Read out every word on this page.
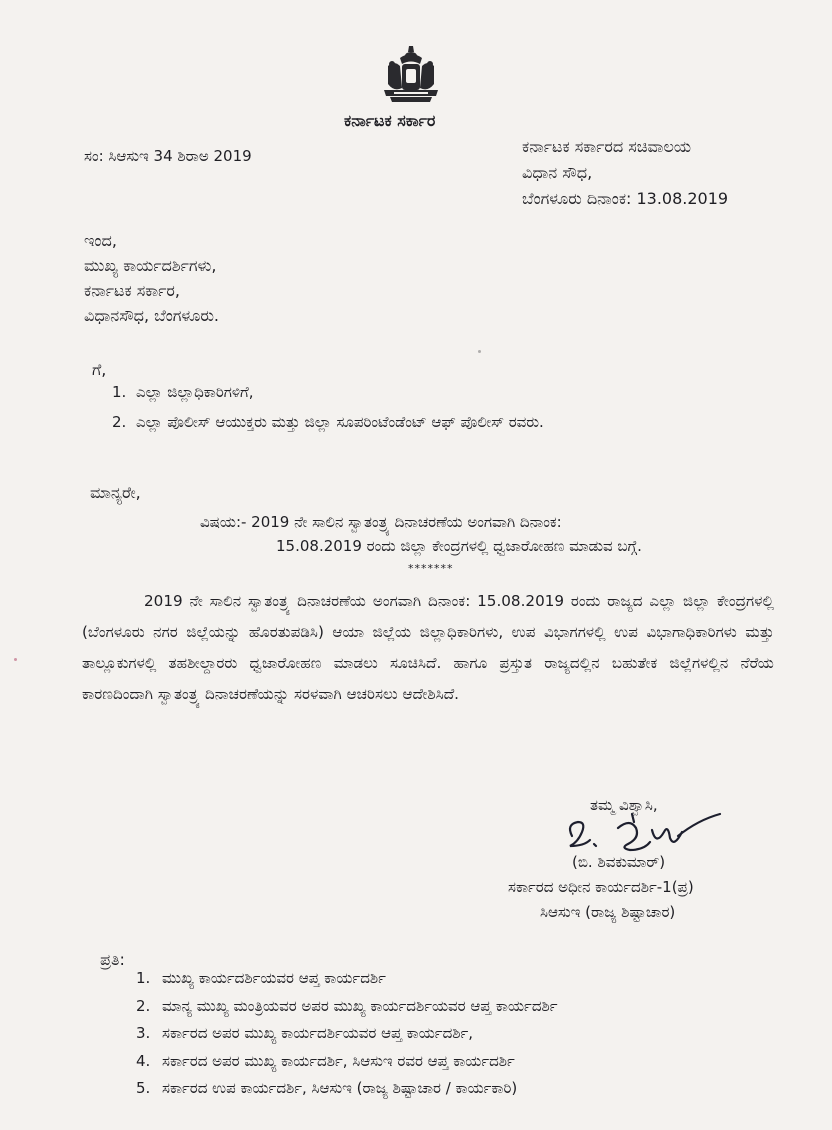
ಕರ್ನಾಟಕ ಸರ್ಕಾರ
ಸಂ: ಸಿಆಸುಇ 34 ಶಿರಾಅ 2019	ಕರ್ನಾಟಕ ಸರ್ಕಾರದ ಸಚಿವಾಲಯ
ವಿಧಾನ ಸೌಧ,
ಬೆಂಗಳೂರು ದಿನಾಂಕ: 13.08.2019
ಇಂದ,
ಮುಖ್ಯ ಕಾರ್ಯದರ್ಶಿಗಳು,
ಕರ್ನಾಟಕ ಸರ್ಕಾರ,
ವಿಧಾನಸೌಧ, ಬೆಂಗಳೂರು.
ಗೆ,
1. ಎಲ್ಲಾ ಜಿಲ್ಲಾಧಿಕಾರಿಗಳಿಗೆ,
2. ಎಲ್ಲಾ ಪೊಲೀಸ್ ಆಯುಕ್ತರು ಮತ್ತು ಜಿಲ್ಲಾ ಸೂಪರಿಂಟೆಂಡೆಂಟ್ ಆಫ್ ಪೊಲೀಸ್ ರವರು.
ಮಾನ್ಯರೇ,
ವಿಷಯ:- 2019 ನೇ ಸಾಲಿನ ಸ್ವಾತಂತ್ರ್ಯ ದಿನಾಚರಣೆಯ ಅಂಗವಾಗಿ ದಿನಾಂಕ:
15.08.2019 ರಂದು ಜಿಲ್ಲಾ ಕೇಂದ್ರಗಳಲ್ಲಿ ಧ್ವಜಾರೋಹಣ ಮಾಡುವ ಬಗ್ಗೆ.
*******
2019 ನೇ ಸಾಲಿನ ಸ್ವಾತಂತ್ರ್ಯ ದಿನಾಚರಣೆಯ ಅಂಗವಾಗಿ ದಿನಾಂಕ: 15.08.2019 ರಂದು ರಾಜ್ಯದ ಎಲ್ಲಾ ಜಿಲ್ಲಾ ಕೇಂದ್ರಗಳಲ್ಲಿ (ಬೆಂಗಳೂರು ನಗರ ಜಿಲ್ಲೆಯನ್ನು ಹೊರತುಪಡಿಸಿ) ಆಯಾ ಜಿಲ್ಲೆಯ ಜಿಲ್ಲಾಧಿಕಾರಿಗಳು, ಉಪ ವಿಭಾಗಗಳಲ್ಲಿ ಉಪ ವಿಭಾಗಾಧಿಕಾರಿಗಳು ಮತ್ತು ತಾಲ್ಲೂಕುಗಳಲ್ಲಿ ತಹಶೀಲ್ದಾರರು ಧ್ವಜಾರೋಹಣ ಮಾಡಲು ಸೂಚಿಸಿದೆ. ಹಾಗೂ ಪ್ರಸ್ತುತ ರಾಜ್ಯದಲ್ಲಿನ ಬಹುತೇಕ ಜಿಲ್ಲೆಗಳಲ್ಲಿನ ನೆರೆಯ ಕಾರಣದಿಂದಾಗಿ ಸ್ವಾತಂತ್ರ್ಯ ದಿನಾಚರಣೆಯನ್ನು ಸರಳವಾಗಿ ಆಚರಿಸಲು ಆದೇಶಿಸಿದೆ.
ತಮ್ಮ ವಿಶ್ವಾಸಿ,
(ಬಿ. ಶಿವಕುಮಾರ್)
ಸರ್ಕಾರದ ಅಧೀನ ಕಾರ್ಯದರ್ಶಿ-1(ಪ್ರ)
ಸಿಆಸುಇ (ರಾಜ್ಯ ಶಿಷ್ಟಾಚಾರ)
ಪ್ರತಿ:
1. ಮುಖ್ಯ ಕಾರ್ಯದರ್ಶಿಯವರ ಆಪ್ತ ಕಾರ್ಯದರ್ಶಿ
2. ಮಾನ್ಯ ಮುಖ್ಯ ಮಂತ್ರಿಯವರ ಅಪರ ಮುಖ್ಯ ಕಾರ್ಯದರ್ಶಿಯವರ ಆಪ್ತ ಕಾರ್ಯದರ್ಶಿ
3. ಸರ್ಕಾರದ ಅಪರ ಮುಖ್ಯ ಕಾರ್ಯದರ್ಶಿಯವರ ಆಪ್ತ ಕಾರ್ಯದರ್ಶಿ,
4. ಸರ್ಕಾರದ ಅಪರ ಮುಖ್ಯ ಕಾರ್ಯದರ್ಶಿ, ಸಿಆಸುಇ ರವರ ಆಪ್ತ ಕಾರ್ಯದರ್ಶಿ
5. ಸರ್ಕಾರದ ಉಪ ಕಾರ್ಯದರ್ಶಿ, ಸಿಆಸುಇ (ರಾಜ್ಯ ಶಿಷ್ಟಾಚಾರ / ಕಾರ್ಯಕಾರಿ)
